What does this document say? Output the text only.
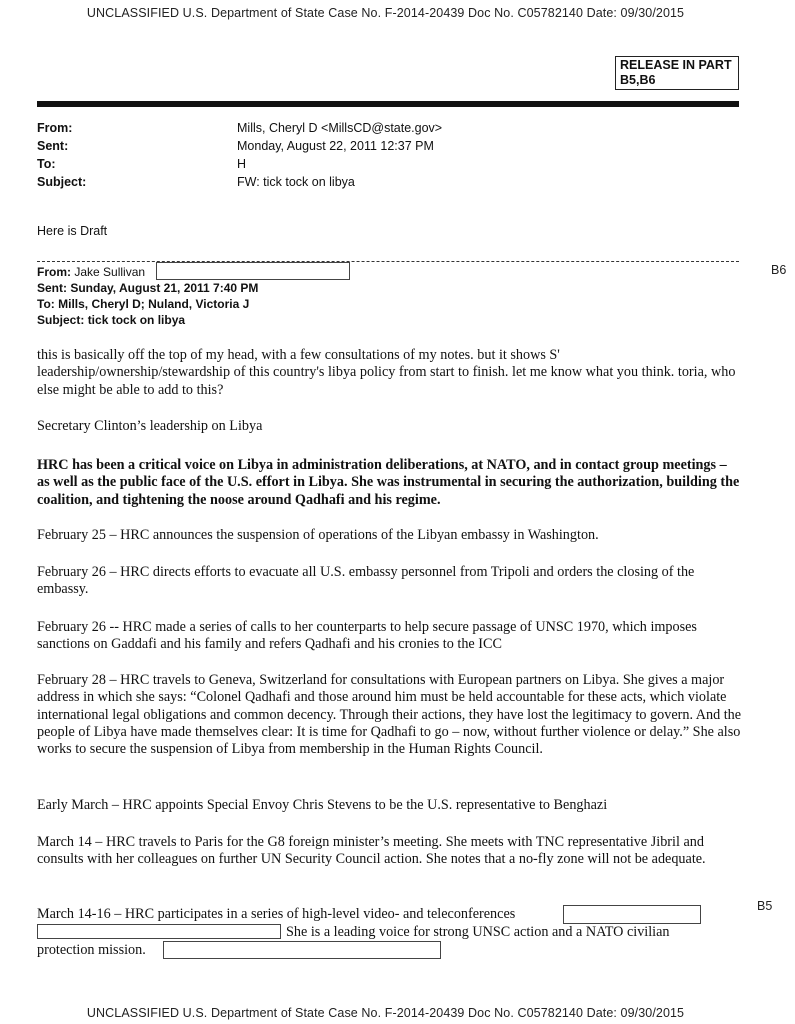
UNCLASSIFIED U.S. Department of State Case No. F-2014-20439 Doc No. C05782140 Date: 09/30/2015
RELEASE IN PART
B5,B6
From:	Mills, Cheryl D <MillsCD@state.gov>
Sent:	Monday, August 22, 2011 12:37 PM
To:	H
Subject:	FW: tick tock on libya
Here is Draft
From: Jake Sullivan	B6
Sent: Sunday, August 21, 2011 7:40 PM
To: Mills, Cheryl D; Nuland, Victoria J
Subject: tick tock on libya
this is basically off the top of my head, with a few consultations of my notes. but it shows S' leadership/ownership/stewardship of this country's libya policy from start to finish. let me know what you think. toria, who else might be able to add to this?
Secretary Clinton’s leadership on Libya
HRC has been a critical voice on Libya in administration deliberations, at NATO, and in contact group meetings – as well as the public face of the U.S. effort in Libya. She was instrumental in securing the authorization, building the coalition, and tightening the noose around Qadhafi and his regime.
February 25 – HRC announces the suspension of operations of the Libyan embassy in Washington.
February 26 – HRC directs efforts to evacuate all U.S. embassy personnel from Tripoli and orders the closing of the embassy.
February 26 -- HRC made a series of calls to her counterparts to help secure passage of UNSC 1970, which imposes sanctions on Gaddafi and his family and refers Qadhafi and his cronies to the ICC
February 28 – HRC travels to Geneva, Switzerland for consultations with European partners on Libya. She gives a major address in which she says: “Colonel Qadhafi and those around him must be held accountable for these acts, which violate international legal obligations and common decency. Through their actions, they have lost the legitimacy to govern. And the people of Libya have made themselves clear: It is time for Qadhafi to go – now, without further violence or delay.” She also works to secure the suspension of Libya from membership in the Human Rights Council.
Early March – HRC appoints Special Envoy Chris Stevens to be the U.S. representative to Benghazi
March 14 – HRC travels to Paris for the G8 foreign minister’s meeting. She meets with TNC representative Jibril and consults with her colleagues on further UN Security Council action. She notes that a no-fly zone will not be adequate.
March 14-16 – HRC participates in a series of high-level video- and teleconferences	B5
She is a leading voice for strong UNSC action and a NATO civilian
protection mission.
UNCLASSIFIED U.S. Department of State Case No. F-2014-20439 Doc No. C05782140 Date: 09/30/2015
